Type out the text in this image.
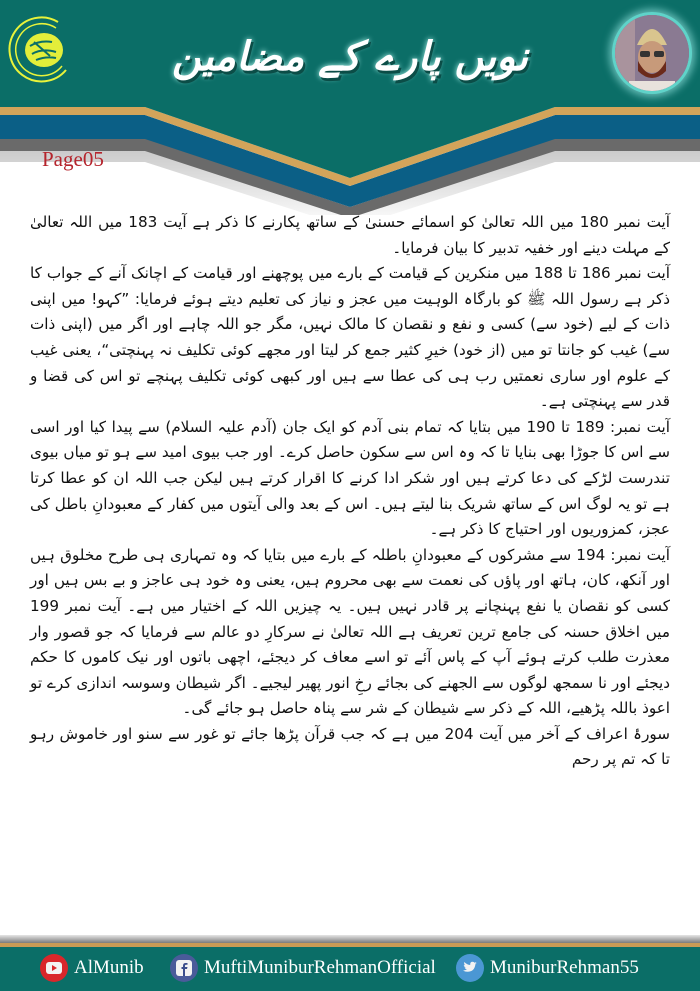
نویں پارے کے مضامین
Page05

آیت نمبر 180 میں اللہ تعالیٰ کو اسمائے حسنیٰ کے ساتھ پکارنے کا ذکر ہے آیت 183 میں اللہ تعالیٰ کے مہلت دینے اور خفیہ تدبیر کا بیان فرمایا۔

آیت نمبر 186 تا 188 میں منکرین کے قیامت کے بارے میں پوچھنے اور قیامت کے اچانک آنے کے جواب کا ذکر ہے رسول اللہ ﷺ کو بارگاہ الوہیت میں عجز و نیاز کی تعلیم دیتے ہوئے فرمایا: ”کہو! میں اپنی ذات کے لیے (خود سے) کسی و نفع و نقصان کا مالک نہیں، مگر جو اللہ چاہے اور اگر میں (اپنی ذات سے) غیب کو جانتا تو میں (از خود) خیرِ کثیر جمع کر لیتا اور مجھے کوئی تکلیف نہ پہنچتی“، یعنی غیب کے علوم اور ساری نعمتیں رب ہی کی عطا سے ہیں اور کبھی کوئی تکلیف پہنچے تو اس کی قضا و قدر سے پہنچتی ہے۔

آیت نمبر: 189 تا 190 میں بتایا کہ تمام بنی آدم کو ایک جان (آدم علیہ السلام) سے پیدا کیا اور اسی سے اس کا جوڑا بھی بنایا تا کہ وہ اس سے سکون حاصل کرے۔ اور جب بیوی امید سے ہو تو میاں بیوی تندرست لڑکے کی دعا کرتے ہیں اور شکر ادا کرنے کا اقرار کرتے ہیں لیکن جب اللہ ان کو عطا کرتا ہے تو یہ لوگ اس کے ساتھ شریک بنا لیتے ہیں۔ اس کے بعد والی آیتوں میں کفار کے معبودانِ باطل کی عجز، کمزوریوں اور احتیاج کا ذکر ہے۔

آیت نمبر: 194 سے مشرکوں کے معبودانِ باطلہ کے بارے میں بتایا کہ وہ تمہاری ہی طرح مخلوق ہیں اور آنکھ، کان، ہاتھ اور پاؤں کی نعمت سے بھی محروم ہیں، یعنی وہ خود ہی عاجز و بے بس ہیں اور کسی کو نقصان یا نفع پہنچانے پر قادر نہیں ہیں۔ یہ چیزیں اللہ کے اختیار میں ہے۔ آیت نمبر 199 میں اخلاق حسنہ کی جامع ترین تعریف ہے اللہ تعالیٰ نے سرکارِ دو عالم سے فرمایا کہ جو قصور وار معذرت طلب کرتے ہوئے آپ کے پاس آئے تو اسے معاف کر دیجئے، اچھی باتوں اور نیک کاموں کا حکم دیجئے اور نا سمجھ لوگوں سے الجھنے کی بجائے رخِ انور پھیر لیجیے۔ اگر شیطان وسوسہ اندازی کرے تو اعوذ باللہ پڑھیے، اللہ کے ذکر سے شیطان کے شر سے پناہ حاصل ہو جائے گی۔

سورۂ اعراف کے آخر میں آیت 204 میں ہے کہ جب قرآن پڑھا جائے تو غور سے سنو اور خاموش رہو تا کہ تم پر رحم

AlMunib	MuftiMuniburRehmanOfficial	MuniburRehman55
